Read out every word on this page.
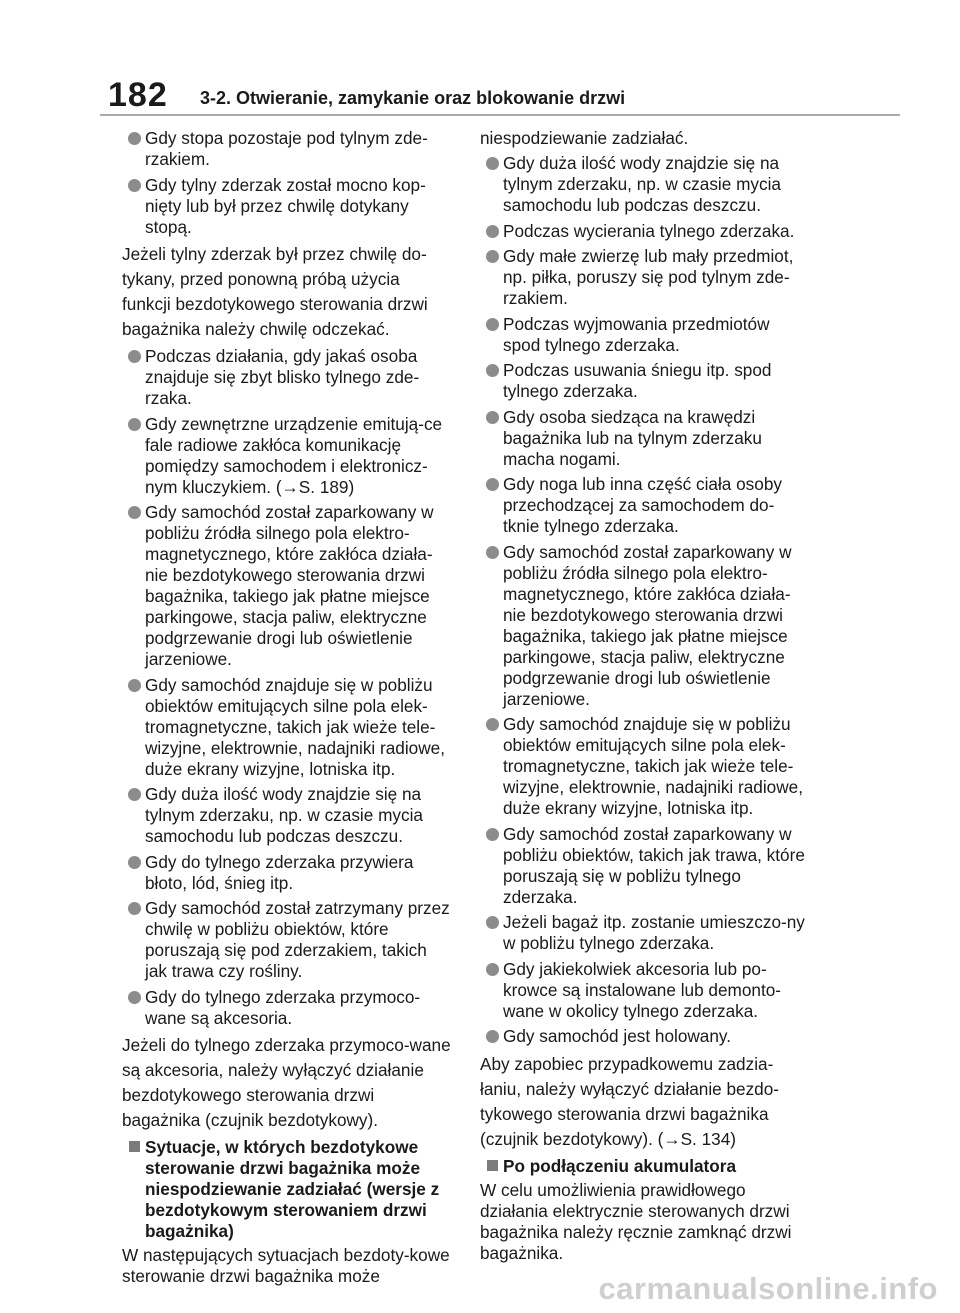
182 3-2. Otwieranie, zamykanie oraz blokowanie drzwi
Gdy stopa pozostaje pod tylnym zde-rzakiem.
Gdy tylny zderzak został mocno kop-nięty lub był przez chwilę dotykany stopą.
Jeżeli tylny zderzak był przez chwilę do-tykany, przed ponowną próbą użycia funkcji bezdotykowego sterowania drzwi bagażnika należy chwilę odczekać.
Podczas działania, gdy jakaś osoba znajduje się zbyt blisko tylnego zde-rzaka.
Gdy zewnętrzne urządzenie emitują-ce fale radiowe zakłóca komunikację pomiędzy samochodem i elektronicz-nym kluczykiem. (→S. 189)
Gdy samochód został zaparkowany w pobliżu źródła silnego pola elektro-magnetycznego, które zakłóca działa-nie bezdotykowego sterowania drzwi bagażnika, takiego jak płatne miejsce parkingowe, stacja paliw, elektryczne podgrzewanie drogi lub oświetlenie jarzeniowe.
Gdy samochód znajduje się w pobliżu obiektów emitujących silne pola elek-tromagnetyczne, takich jak wieże tele-wizyjne, elektrownie, nadajniki radiowe, duże ekrany wizyjne, lotniska itp.
Gdy duża ilość wody znajdzie się na tylnym zderzaku, np. w czasie mycia samochodu lub podczas deszczu.
Gdy do tylnego zderzaka przywiera błoto, lód, śnieg itp.
Gdy samochód został zatrzymany przez chwilę w pobliżu obiektów, które poruszają się pod zderzakiem, takich jak trawa czy rośliny.
Gdy do tylnego zderzaka przymoco-wane są akcesoria.
Jeżeli do tylnego zderzaka przymoco-wane są akcesoria, należy wyłączyć działanie bezdotykowego sterowania drzwi bagażnika (czujnik bezdotykowy).
Sytuacje, w których bezdotykowe sterowanie drzwi bagażnika może niespodziewanie zadziałać (wersje z bezdotykowym sterowaniem drzwi bagażnika)
W następujących sytuacjach bezdoty-kowe sterowanie drzwi bagażnika może
niespodziewanie zadziałać.
Gdy duża ilość wody znajdzie się na tylnym zderzaku, np. w czasie mycia samochodu lub podczas deszczu.
Podczas wycierania tylnego zderzaka.
Gdy małe zwierzę lub mały przedmiot, np. piłka, poruszy się pod tylnym zde-rzakiem.
Podczas wyjmowania przedmiotów spod tylnego zderzaka.
Podczas usuwania śniegu itp. spod tylnego zderzaka.
Gdy osoba siedząca na krawędzi bagażnika lub na tylnym zderzaku macha nogami.
Gdy noga lub inna część ciała osoby przechodzącej za samochodem do-tknie tylnego zderzaka.
Gdy samochód został zaparkowany w pobliżu źródła silnego pola elektro-magnetycznego, które zakłóca działa-nie bezdotykowego sterowania drzwi bagażnika, takiego jak płatne miejsce parkingowe, stacja paliw, elektryczne podgrzewanie drogi lub oświetlenie jarzeniowe.
Gdy samochód znajduje się w pobliżu obiektów emitujących silne pola elek-tromagnetyczne, takich jak wieże tele-wizyjne, elektrownie, nadajniki radiowe, duże ekrany wizyjne, lotniska itp.
Gdy samochód został zaparkowany w pobliżu obiektów, takich jak trawa, które poruszają się w pobliżu tylnego zderzaka.
Jeżeli bagaż itp. zostanie umieszczo-ny w pobliżu tylnego zderzaka.
Gdy jakiekolwiek akcesoria lub po-krowce są instalowane lub demonto-wane w okolicy tylnego zderzaka.
Gdy samochód jest holowany.
Aby zapobiec przypadkowemu zadzia-łaniu, należy wyłączyć działanie bezdo-tykowego sterowania drzwi bagażnika (czujnik bezdotykowy). (→S. 134)
Po podłączeniu akumulatora
W celu umożliwienia prawidłowego działania elektrycznie sterowanych drzwi bagażnika należy ręcznie zamknąć drzwi bagażnika.
carmanualsonline.info
